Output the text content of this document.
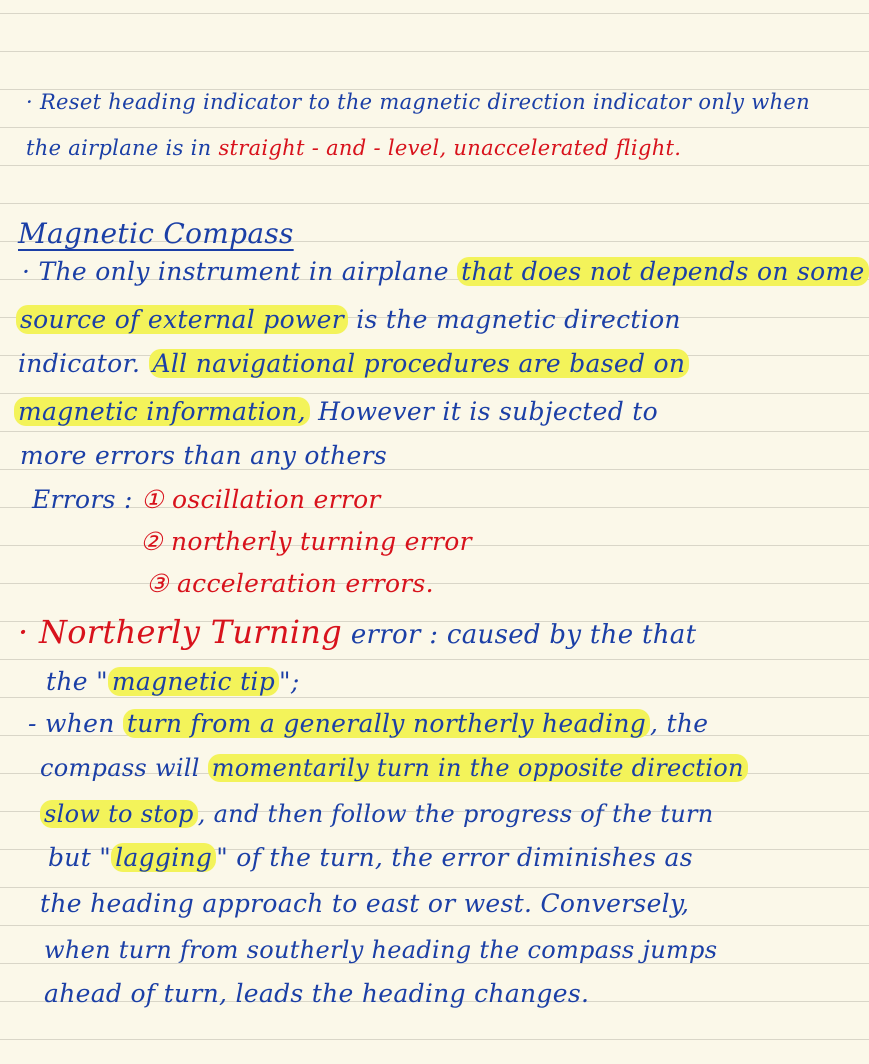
· Reset heading indicator to the magnetic direction indicator only when
the airplane is in straight - and - level, unaccelerated flight.
Magnetic Compass
· The only instrument in airplane that does not depends on some
source of external power is the magnetic direction
indicator. All navigational procedures are based on
magnetic information, However it is subjected to
more errors than any others
Errors : ① oscillation error
② northerly turning error
③ acceleration errors.
· Northerly Turning error : caused by the that
the " magnetic tip ";
- when turn from a generally northerly heading , the
compass will momentarily turn in the opposite direction
slow to stop , and then follow the progress of the turn
but " lagging " of the turn, the error diminishes as
the heading approach to east or west. Conversely,
when turn from southerly heading the compass jumps
ahead of turn, leads the heading changes.
